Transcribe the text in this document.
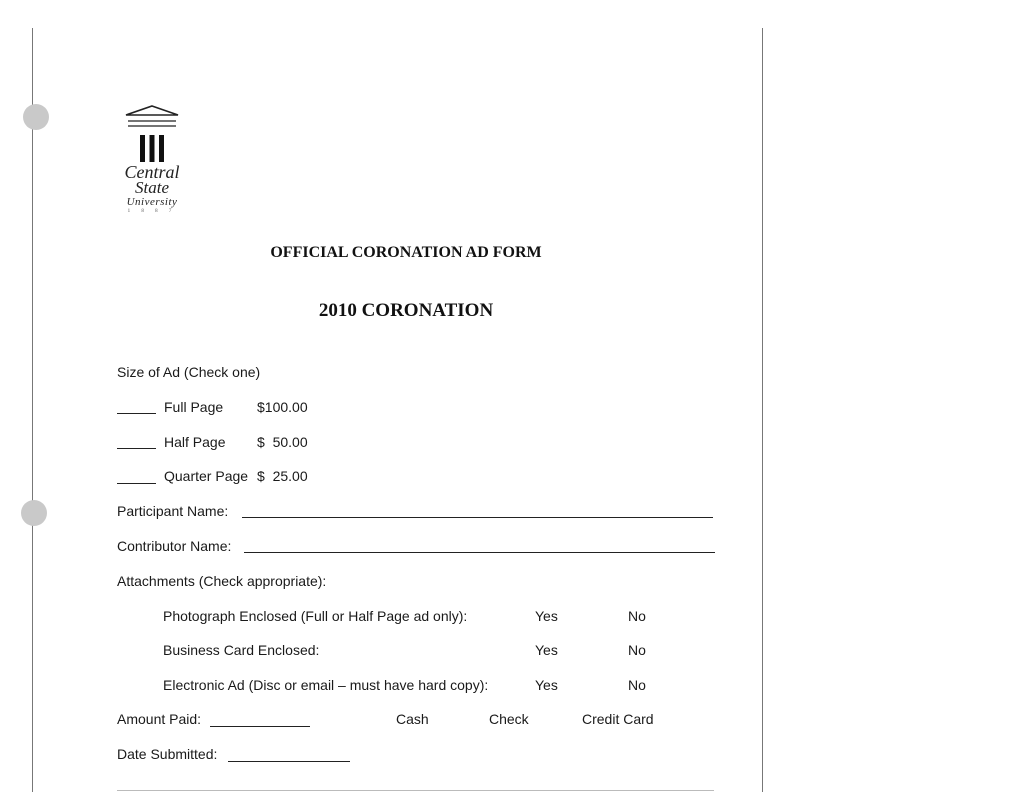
Central
State
University
1 8 8 7
OFFICIAL CORONATION AD FORM
2010 CORONATION
Size of Ad (Check one)
Full Page $100.00
Half Page $  50.00
Quarter Page $  25.00
Participant Name:
Contributor Name:
Attachments (Check appropriate):
Photograph Enclosed (Full or Half Page ad only):	Yes	No
Business Card Enclosed:	Yes	No
Electronic Ad (Disc or email – must have hard copy):	Yes	No
Amount Paid:	Cash	Check	Credit Card
Date Submitted:
